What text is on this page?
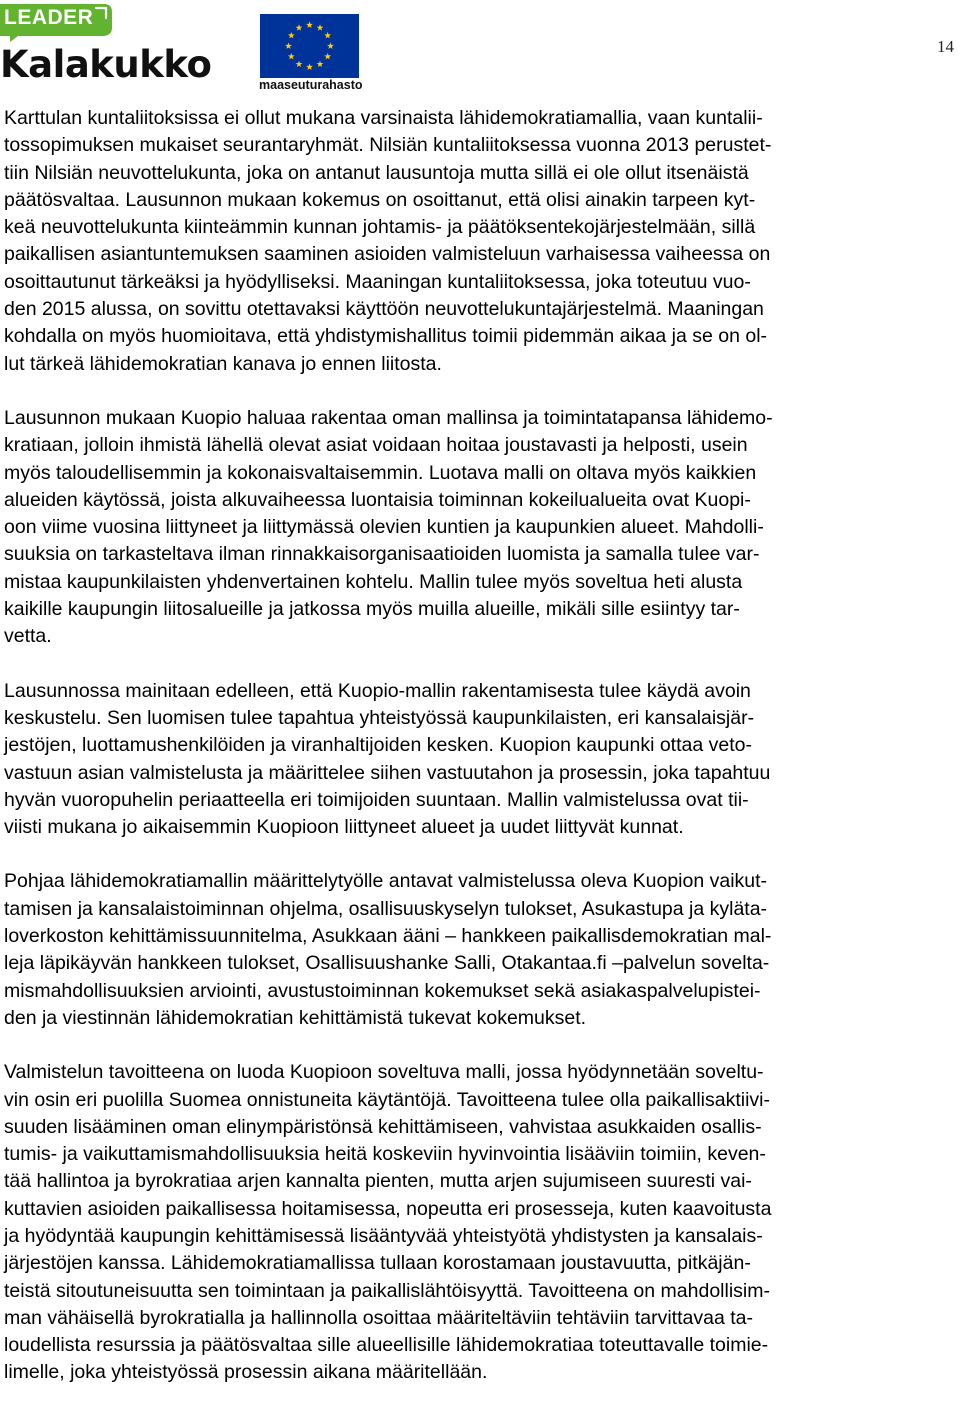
LEADER
Kalakukko	maaseuturahasto
14
Karttulan kuntaliitoksissa ei ollut mukana varsinaista lähidemokratiamallia, vaan kuntalii-
tossopimuksen mukaiset seurantaryhmät. Nilsiän kuntaliitoksessa vuonna 2013 perustet-
tiin Nilsiän neuvottelukunta, joka on antanut lausuntoja mutta sillä ei ole ollut itsenäistä
päätösvaltaa. Lausunnon mukaan kokemus on osoittanut, että olisi ainakin tarpeen kyt-
keä neuvottelukunta kiinteämmin kunnan johtamis- ja päätöksentekojärjestelmään, sillä
paikallisen asiantuntemuksen saaminen asioiden valmisteluun varhaisessa vaiheessa on
osoittautunut tärkeäksi ja hyödylliseksi. Maaningan kuntaliitoksessa, joka toteutuu vuo-
den 2015 alussa, on sovittu otettavaksi käyttöön neuvottelukuntajärjestelmä. Maaningan
kohdalla on myös huomioitava, että yhdistymishallitus toimii pidemmän aikaa ja se on ol-
lut tärkeä lähidemokratian kanava jo ennen liitosta.
Lausunnon mukaan Kuopio haluaa rakentaa oman mallinsa ja toimintatapansa lähidemo-
kratiaan, jolloin ihmistä lähellä olevat asiat voidaan hoitaa joustavasti ja helposti, usein
myös taloudellisemmin ja kokonaisvaltaisemmin. Luotava malli on oltava myös kaikkien
alueiden käytössä, joista alkuvaiheessa luontaisia toiminnan kokeilualueita ovat Kuopi-
oon viime vuosina liittyneet ja liittymässä olevien kuntien ja kaupunkien alueet. Mahdolli-
suuksia on tarkasteltava ilman rinnakkaisorganisaatioiden luomista ja samalla tulee var-
mistaa kaupunkilaisten yhdenvertainen kohtelu. Mallin tulee myös soveltua heti alusta
kaikille kaupungin liitosalueille ja jatkossa myös muilla alueille, mikäli sille esiintyy tar-
vetta.
Lausunnossa mainitaan edelleen, että Kuopio-mallin rakentamisesta tulee käydä avoin
keskustelu. Sen luomisen tulee tapahtua yhteistyössä kaupunkilaisten, eri kansalaisjär-
jestöjen, luottamushenkilöiden ja viranhaltijoiden kesken. Kuopion kaupunki ottaa veto-
vastuun asian valmistelusta ja määrittelee siihen vastuutahon ja prosessin, joka tapahtuu
hyvän vuoropuhelin periaatteella eri toimijoiden suuntaan. Mallin valmistelussa ovat tii-
viisti mukana jo aikaisemmin Kuopioon liittyneet alueet ja uudet liittyvät kunnat.
Pohjaa lähidemokratiamallin määrittelytyölle antavat valmistelussa oleva Kuopion vaikut-
tamisen ja kansalaistoiminnan ohjelma, osallisuuskyselyn tulokset, Asukastupa ja kyläta-
loverkoston kehittämissuunnitelma, Asukkaan ääni – hankkeen paikallisdemokratian mal-
leja läpikäyvän hankkeen tulokset, Osallisuushanke Salli, Otakantaa.fi –palvelun soveltа-
mismahdollisuuksien arviointi, avustustoiminnan kokemukset sekä asiakaspalvelupistei-
den ja viestinnän lähidemokratian kehittämistä tukevat kokemukset.
Valmistelun tavoitteena on luoda Kuopioon soveltuva malli, jossa hyödynnetään soveltu-
vin osin eri puolilla Suomea onnistuneita käytäntöjä. Tavoitteena tulee olla paikallisaktiivi-
suuden lisääminen oman elinympäristönsä kehittämiseen, vahvistaa asukkaiden osallis-
tumis- ja vaikuttamismahdollisuuksia heitä koskeviin hyvinvointia lisääviin toimiin, keven-
tää hallintoa ja byrokratiaa arjen kannalta pienten, mutta arjen sujumiseen suuresti vai-
kuttavien asioiden paikallisessa hoitamisessa, nopeutta eri prosesseja, kuten kaavoitusta
ja hyödyntää kaupungin kehittämisessä lisääntyvää yhteistyötä yhdistysten ja kansalais-
järjestöjen kanssa. Lähidemokratiamallissa tullaan korostamaan joustavuutta, pitkäjän-
teistä sitoutuneisuutta sen toimintaan ja paikallislähtöisyyttä. Tavoitteena on mahdollisim-
man vähäisellä byrokratialla ja hallinnolla osoittaa määriteltäviin tehtäviin tarvittavaa ta-
loudellista resurssia ja päätösvaltaa sille alueellisille lähidemokratiaa toteuttavalle toimie-
limelle, joka yhteistyössä prosessin aikana määritellään.
